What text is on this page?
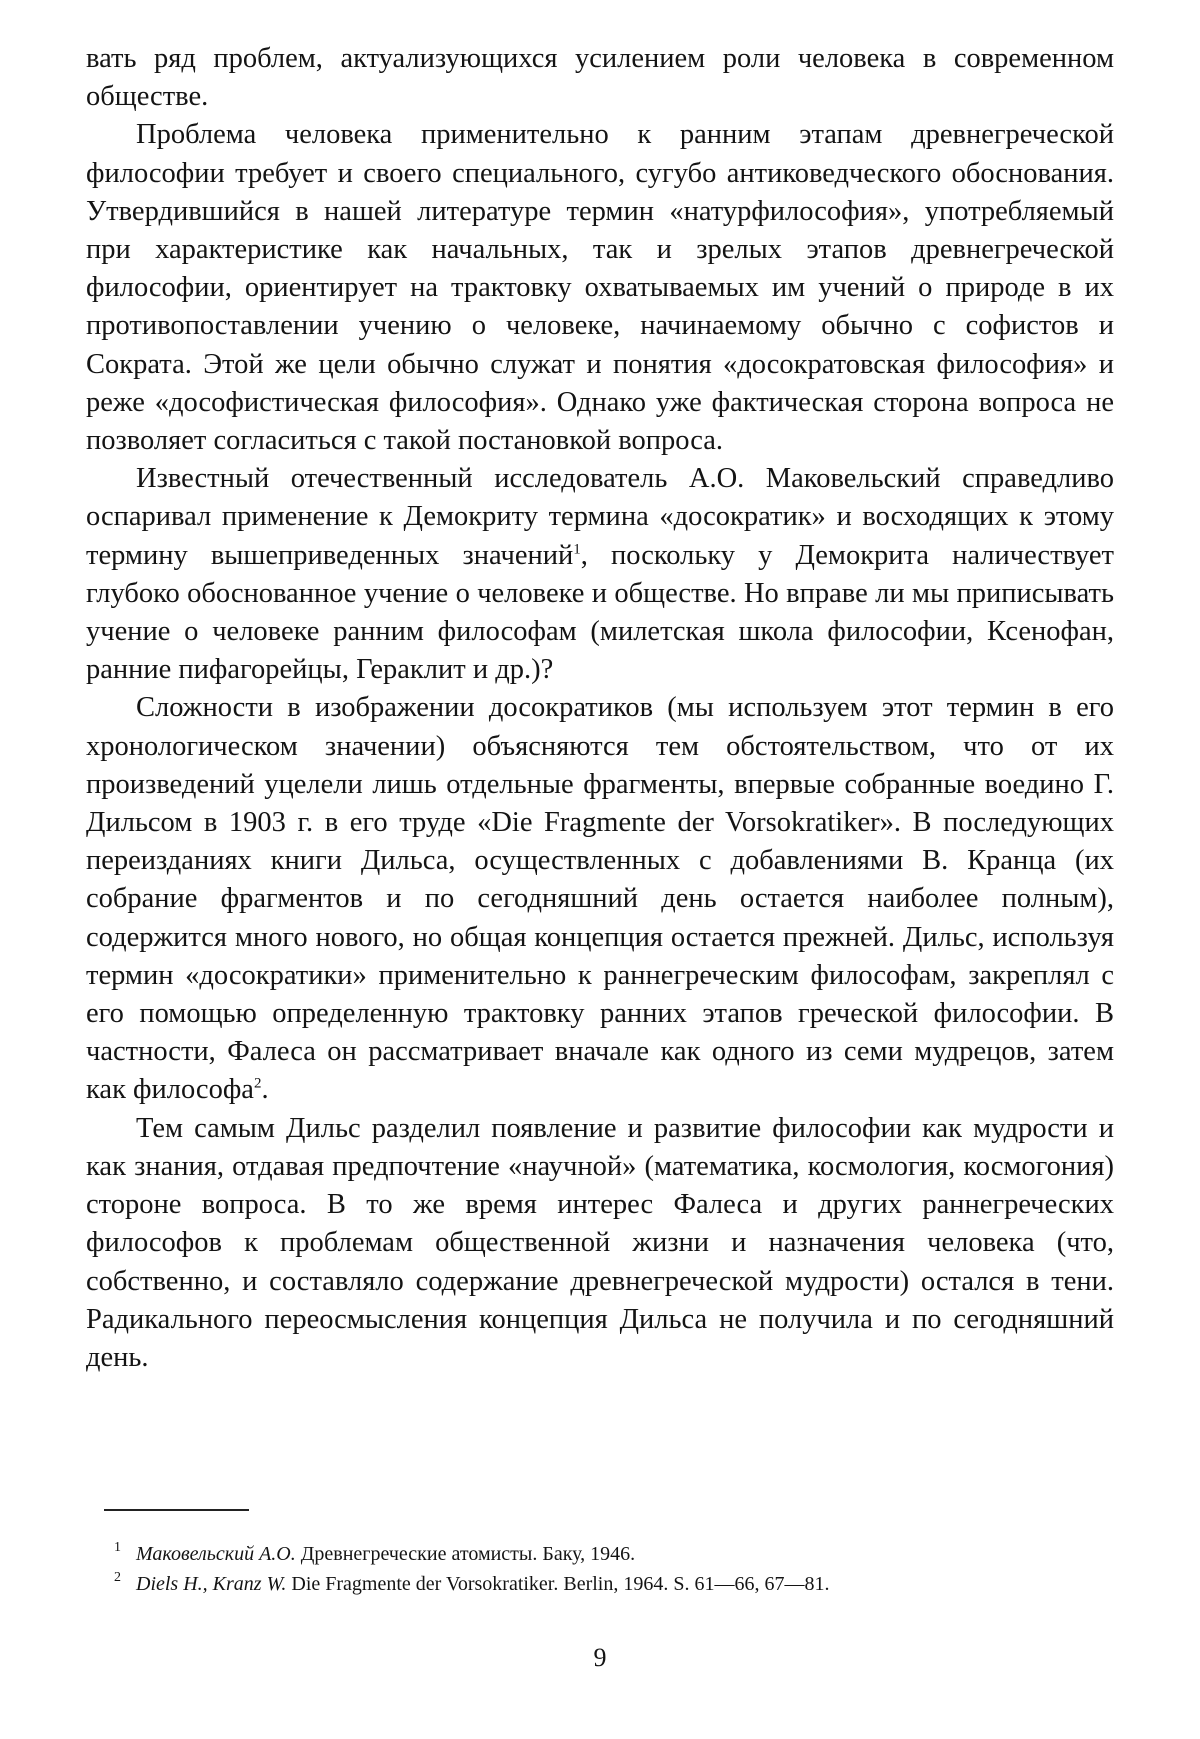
вать ряд проблем, актуализующихся усилением роли человека в современном обществе.

Проблема человека применительно к ранним этапам древнегреческой философии требует и своего специального, сугубо антиковедческого обоснования. Утвердившийся в нашей литературе термин «натурфилософия», употребляемый при характеристике как начальных, так и зрелых этапов древнегреческой философии, ориентирует на трактовку охватываемых им учений о природе в их противопоставлении учению о человеке, начинаемому обычно с софистов и Сократа. Этой же цели обычно служат и понятия «досократовская философия» и реже «дософистическая философия». Однако уже фактическая сторона вопроса не позволяет согласиться с такой постановкой вопроса.

Известный отечественный исследователь А.О. Маковельский справедливо оспаривал применение к Демокриту термина «досократик» и восходящих к этому термину вышеприведенных значений$^1$, поскольку у Демокрита наличествует глубоко обоснованное учение о человеке и обществе. Но вправе ли мы приписывать учение о человеке ранним философам (милетская школа философии, Ксенофан, ранние пифагорейцы, Гераклит и др.)?

Сложности в изображении досократиков (мы используем этот термин в его хронологическом значении) объясняются тем обстоятельством, что от их произведений уцелели лишь отдельные фрагменты, впервые собранные воедино Г. Дильсом в 1903 г. в его труде «Die Fragmente der Vorsokratiker». В последующих переизданиях книги Дильса, осуществленных с добавлениями В. Кранца (их собрание фрагментов и по сегодняшний день остается наиболее полным), содержится много нового, но общая концепция остается прежней. Дильс, используя термин «досократики» применительно к раннегреческим философам, закреплял с его помощью определенную трактовку ранних этапов греческой философии. В частности, Фалеса он рассматривает вначале как одного из семи мудрецов, затем как философа$^2$.

Тем самым Дильс разделил появление и развитие философии как мудрости и как знания, отдавая предпочтение «научной» (математика, космология, космогония) стороне вопроса. В то же время интерес Фалеса и других раннегреческих философов к проблемам общественной жизни и назначения человека (что, собственно, и составляло содержание древнегреческой мудрости) остался в тени. Радикального переосмысления концепция Дильса не получила и по сегодняшний день.

1 Маковельский А.О. Древнегреческие атомисты. Баку, 1946.
2 Diels H., Kranz W. Die Fragmente der Vorsokratiker. Berlin, 1964. S. 61—66, 67—81.
9
